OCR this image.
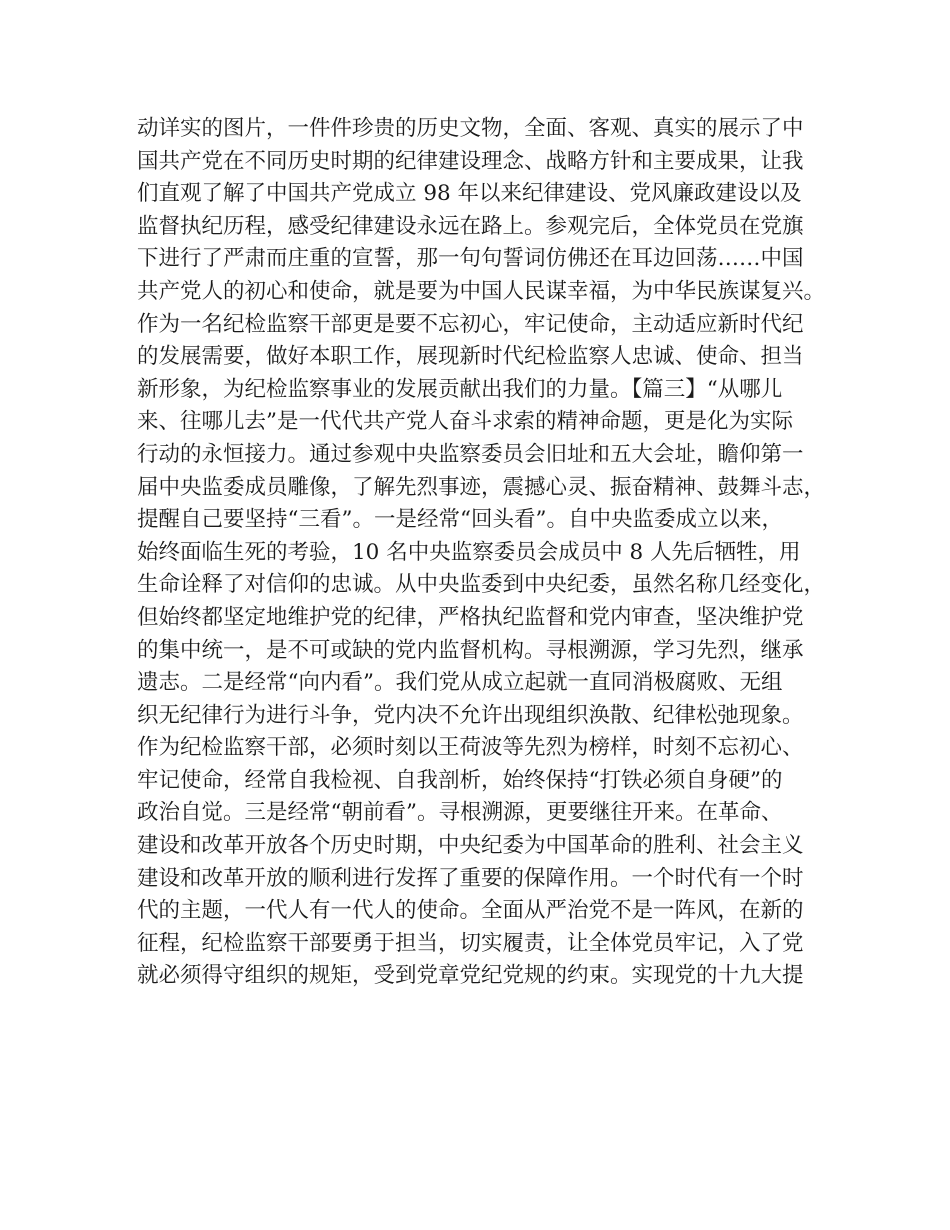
动详实的图片，一件件珍贵的历史文物，全面、客观、真实的展示了中
国共产党在不同历史时期的纪律建设理念、战略方针和主要成果，让我
们直观了解了中国共产党成立 98 年以来纪律建设、党风廉政建设以及
监督执纪历程，感受纪律建设永远在路上。参观完后，全体党员在党旗
下进行了严肃而庄重的宣誓，那一句句誓词仿佛还在耳边回荡……中国
共产党人的初心和使命，就是要为中国人民谋幸福，为中华民族谋复兴。
作为一名纪检监察干部更是要不忘初心，牢记使命，主动适应新时代纪
的发展需要，做好本职工作，展现新时代纪检监察人忠诚、使命、担当
新形象，为纪检监察事业的发展贡献出我们的力量。【篇三】“从哪儿
来、往哪儿去”是一代代共产党人奋斗求索的精神命题，更是化为实际
行动的永恒接力。通过参观中央监察委员会旧址和五大会址，瞻仰第一
届中央监委成员雕像，了解先烈事迹，震撼心灵、振奋精神、鼓舞斗志，
提醒自己要坚持“三看”。一是经常“回头看”。自中央监委成立以来，
始终面临生死的考验，10 名中央监察委员会成员中 8 人先后牺牲，用
生命诠释了对信仰的忠诚。从中央监委到中央纪委，虽然名称几经变化，
但始终都坚定地维护党的纪律，严格执纪监督和党内审查，坚决维护党
的集中统一，是不可或缺的党内监督机构。寻根溯源，学习先烈，继承
遗志。二是经常“向内看”。我们党从成立起就一直同消极腐败、无组
织无纪律行为进行斗争，党内决不允许出现组织涣散、纪律松弛现象。
作为纪检监察干部，必须时刻以王荷波等先烈为榜样，时刻不忘初心、
牢记使命，经常自我检视、自我剖析，始终保持“打铁必须自身硬”的
政治自觉。三是经常“朝前看”。寻根溯源，更要继往开来。在革命、
建设和改革开放各个历史时期，中央纪委为中国革命的胜利、社会主义
建设和改革开放的顺利进行发挥了重要的保障作用。一个时代有一个时
代的主题，一代人有一代人的使命。全面从严治党不是一阵风，在新的
征程，纪检监察干部要勇于担当，切实履责，让全体党员牢记，入了党
就必须得守组织的规矩，受到党章党纪党规的约束。实现党的十九大提
